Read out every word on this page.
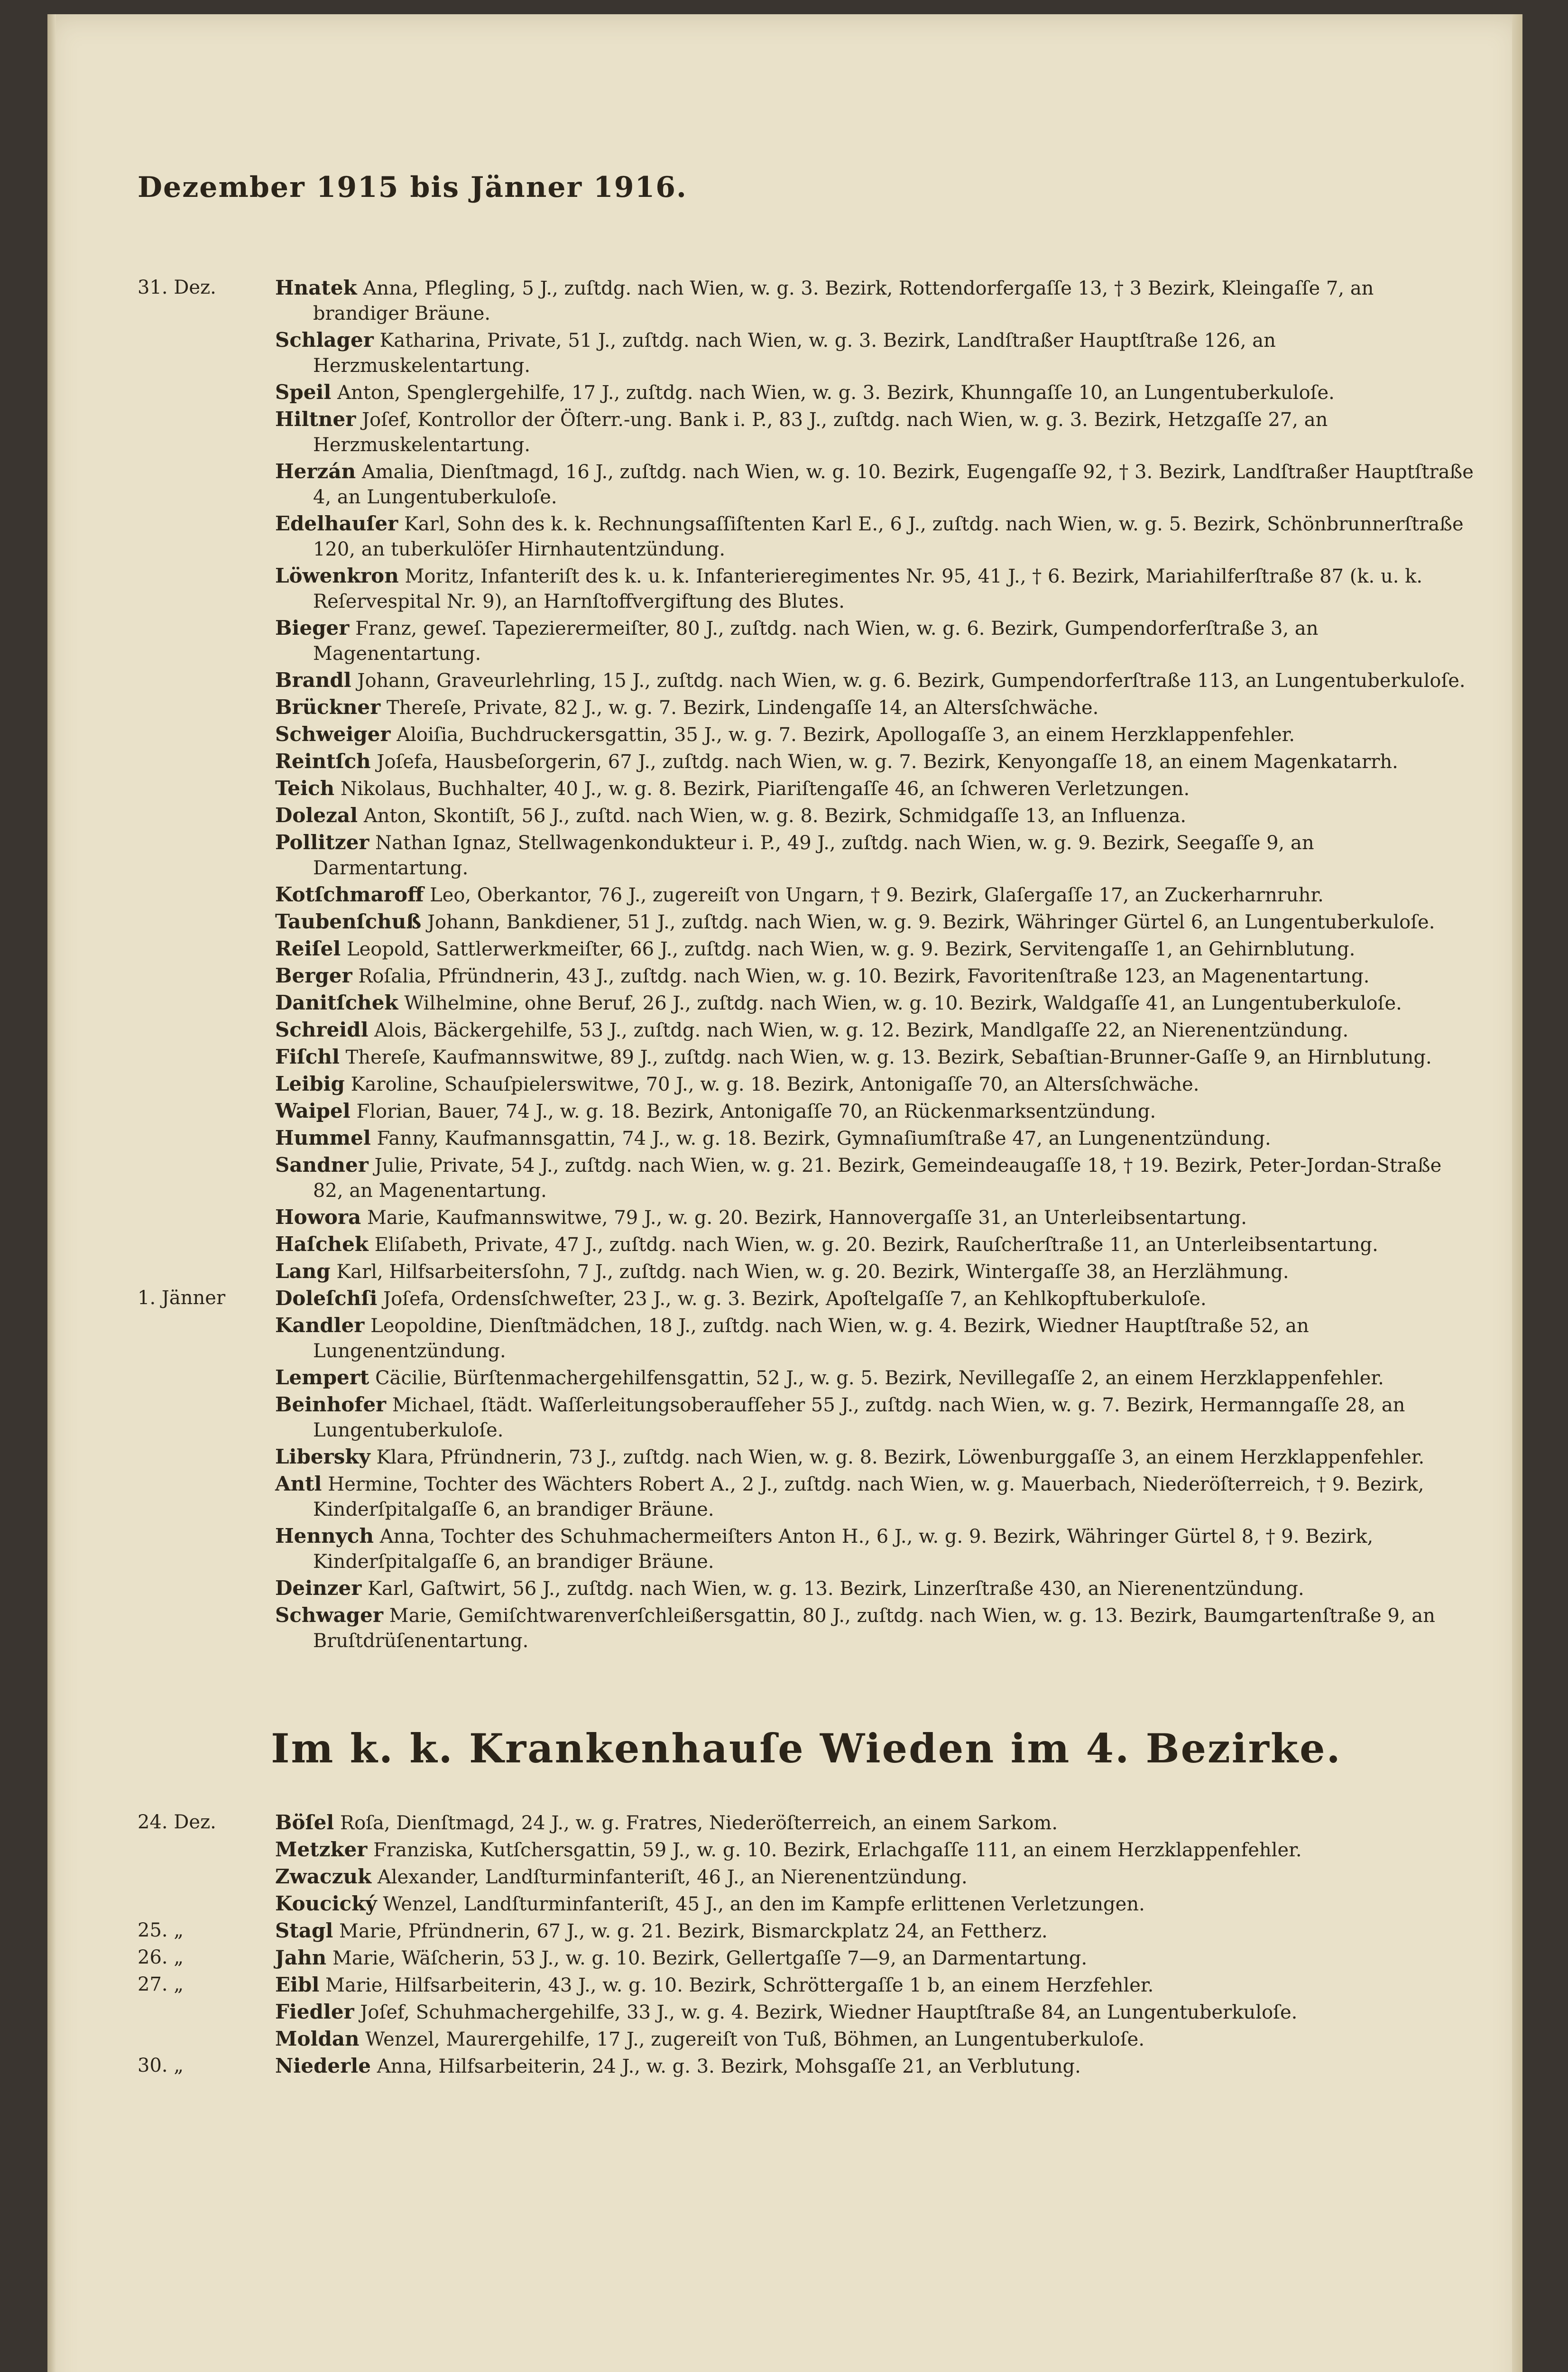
Dezember 1915 bis Jänner 1916.
31. Dez.	Hnatek Anna, Pflegling, 5 J., zuſtdg. nach Wien, w. g. 3. Bezirk, Rottendorfergaſſe 13, † 3 Bezirk, Kleingaſſe 7, an brandiger Bräune.
Schlager Katharina, Private, 51 J., zuſtdg. nach Wien, w. g. 3. Bezirk, Landſtraßer Hauptſtraße 126, an Herzmuskelentartung.
Speil Anton, Spenglergehilfe, 17 J., zuſtdg. nach Wien, w. g. 3. Bezirk, Khunngaſſe 10, an Lungentuberkuloſe.
Hiltner Joſef, Kontrollor der Öſterr.-ung. Bank i. P., 83 J., zuſtdg. nach Wien, w. g. 3. Bezirk, Hetzgaſſe 27, an Herzmuskelentartung.
Herzán Amalia, Dienſtmagd, 16 J., zuſtdg. nach Wien, w. g. 10. Bezirk, Eugengaſſe 92, † 3. Bezirk, Landſtraßer Hauptſtraße 4, an Lungentuberkuloſe.
Edelhauſer Karl, Sohn des k. k. Rechnungsaſſiſtenten Karl E., 6 J., zuſtdg. nach Wien, w. g. 5. Bezirk, Schönbrunnerſtraße 120, an tuberkulöſer Hirnhautentzündung.
Löwenkron Moritz, Infanteriſt des k. u. k. Infanterieregimentes Nr. 95, 41 J., † 6. Bezirk, Mariahilferſtraße 87 (k. u. k. Reſervespital Nr. 9), an Harnſtoffvergiftung des Blutes.
Bieger Franz, geweſ. Tapezierermeiſter, 80 J., zuſtdg. nach Wien, w. g. 6. Bezirk, Gumpendorferſtraße 3, an Magenentartung.
Brandl Johann, Graveurlehrling, 15 J., zuſtdg. nach Wien, w. g. 6. Bezirk, Gumpendorferſtraße 113, an Lungentuberkuloſe.
Brückner Thereſe, Private, 82 J., w. g. 7. Bezirk, Lindengaſſe 14, an Altersſchwäche.
Schweiger Aloiſia, Buchdruckersgattin, 35 J., w. g. 7. Bezirk, Apollogaſſe 3, an einem Herzklappenfehler.
Reintſch Joſefa, Hausbeſorgerin, 67 J., zuſtdg. nach Wien, w. g. 7. Bezirk, Kenyongaſſe 18, an einem Magenkatarrh.
Teich Nikolaus, Buchhalter, 40 J., w. g. 8. Bezirk, Piariſtengaſſe 46, an ſchweren Verletzungen.
Dolezal Anton, Skontiſt, 56 J., zuſtd. nach Wien, w. g. 8. Bezirk, Schmidgaſſe 13, an Influenza.
Pollitzer Nathan Ignaz, Stellwagenkondukteur i. P., 49 J., zuſtdg. nach Wien, w. g. 9. Bezirk, Seegaſſe 9, an Darmentartung.
Kotſchmaroff Leo, Oberkantor, 76 J., zugereiſt von Ungarn, † 9. Bezirk, Glaſergaſſe 17, an Zuckerharnruhr.
Taubenſchuß Johann, Bankdiener, 51 J., zuſtdg. nach Wien, w. g. 9. Bezirk, Währinger Gürtel 6, an Lungentuberkuloſe.
Reiſel Leopold, Sattlerwerkmeiſter, 66 J., zuſtdg. nach Wien, w. g. 9. Bezirk, Servitengaſſe 1, an Gehirnblutung.
Berger Roſalia, Pfründnerin, 43 J., zuſtdg. nach Wien, w. g. 10. Bezirk, Favoritenſtraße 123, an Magenentartung.
Danitſchek Wilhelmine, ohne Beruf, 26 J., zuſtdg. nach Wien, w. g. 10. Bezirk, Waldgaſſe 41, an Lungentuberkuloſe.
Schreidl Alois, Bäckergehilfe, 53 J., zuſtdg. nach Wien, w. g. 12. Bezirk, Mandlgaſſe 22, an Nierenentzündung.
Fiſchl Thereſe, Kaufmannswitwe, 89 J., zuſtdg. nach Wien, w. g. 13. Bezirk, Sebaſtian-Brunner-Gaſſe 9, an Hirnblutung.
Leibig Karoline, Schauſpielerswitwe, 70 J., w. g. 18. Bezirk, Antonigaſſe 70, an Altersſchwäche.
Waipel Florian, Bauer, 74 J., w. g. 18. Bezirk, Antonigaſſe 70, an Rückenmarksentzündung.
Hummel Fanny, Kaufmannsgattin, 74 J., w. g. 18. Bezirk, Gymnaſiumſtraße 47, an Lungenentzündung.
Sandner Julie, Private, 54 J., zuſtdg. nach Wien, w. g. 21. Bezirk, Gemeindeaugaſſe 18, † 19. Bezirk, Peter-Jordan-Straße 82, an Magenentartung.
Howora Marie, Kaufmannswitwe, 79 J., w. g. 20. Bezirk, Hannovergaſſe 31, an Unterleibsentartung.
Haſchek Eliſabeth, Private, 47 J., zuſtdg. nach Wien, w. g. 20. Bezirk, Rauſcherſtraße 11, an Unterleibsentartung.
Lang Karl, Hilfsarbeitersſohn, 7 J., zuſtdg. nach Wien, w. g. 20. Bezirk, Wintergaſſe 38, an Herzlähmung.
1. Jänner	Doleſchſi Joſefa, Ordensſchweſter, 23 J., w. g. 3. Bezirk, Apoſtelgaſſe 7, an Kehlkopftuberkuloſe.
Kandler Leopoldine, Dienſtmädchen, 18 J., zuſtdg. nach Wien, w. g. 4. Bezirk, Wiedner Hauptſtraße 52, an Lungenentzündung.
Lempert Cäcilie, Bürſtenmachergehilfensgattin, 52 J., w. g. 5. Bezirk, Nevillegaſſe 2, an einem Herzklappenfehler.
Beinhofer Michael, ſtädt. Waſſerleitungsoberaufſeher 55 J., zuſtdg. nach Wien, w. g. 7. Bezirk, Hermanngaſſe 28, an Lungentuberkuloſe.
Libersky Klara, Pfründnerin, 73 J., zuſtdg. nach Wien, w. g. 8. Bezirk, Löwenburggaſſe 3, an einem Herzklappenfehler.
Antl Hermine, Tochter des Wächters Robert A., 2 J., zuſtdg. nach Wien, w. g. Mauerbach, Niederöſterreich, † 9. Bezirk, Kinderſpitalgaſſe 6, an brandiger Bräune.
Hennych Anna, Tochter des Schuhmachermeiſters Anton H., 6 J., w. g. 9. Bezirk, Währinger Gürtel 8, † 9. Bezirk, Kinderſpitalgaſſe 6, an brandiger Bräune.
Deinzer Karl, Gaſtwirt, 56 J., zuſtdg. nach Wien, w. g. 13. Bezirk, Linzerſtraße 430, an Nierenentzündung.
Schwager Marie, Gemiſchtwarenverſchleißersgattin, 80 J., zuſtdg. nach Wien, w. g. 13. Bezirk, Baumgartenſtraße 9, an Bruſtdrüſenentartung.
Im k. k. Krankenhauſe Wieden im 4. Bezirke.
24. Dez.	Böſel Roſa, Dienſtmagd, 24 J., w. g. Fratres, Niederöſterreich, an einem Sarkom.
Metzker Franziska, Kutſchersgattin, 59 J., w. g. 10. Bezirk, Erlachgaſſe 111, an einem Herzklappenfehler.
Zwaczuk Alexander, Landſturminfanteriſt, 46 J., an Nierenentzündung.
Koucický Wenzel, Landſturminfanteriſt, 45 J., an den im Kampfe erlittenen Verletzungen.
25. „	Stagl Marie, Pfründnerin, 67 J., w. g. 21. Bezirk, Bismarckplatz 24, an Fettherz.
26. „	Jahn Marie, Wäſcherin, 53 J., w. g. 10. Bezirk, Gellertgaſſe 7—9, an Darmentartung.
27. „	Eibl Marie, Hilfsarbeiterin, 43 J., w. g. 10. Bezirk, Schröttergaſſe 1 b, an einem Herzfehler.
Fiedler Joſef, Schuhmachergehilfe, 33 J., w. g. 4. Bezirk, Wiedner Hauptſtraße 84, an Lungentuberkuloſe.
Moldan Wenzel, Maurergehilfe, 17 J., zugereiſt von Tuß, Böhmen, an Lungentuberkuloſe.
30. „	Niederle Anna, Hilfsarbeiterin, 24 J., w. g. 3. Bezirk, Mohsgaſſe 21, an Verblutung.
